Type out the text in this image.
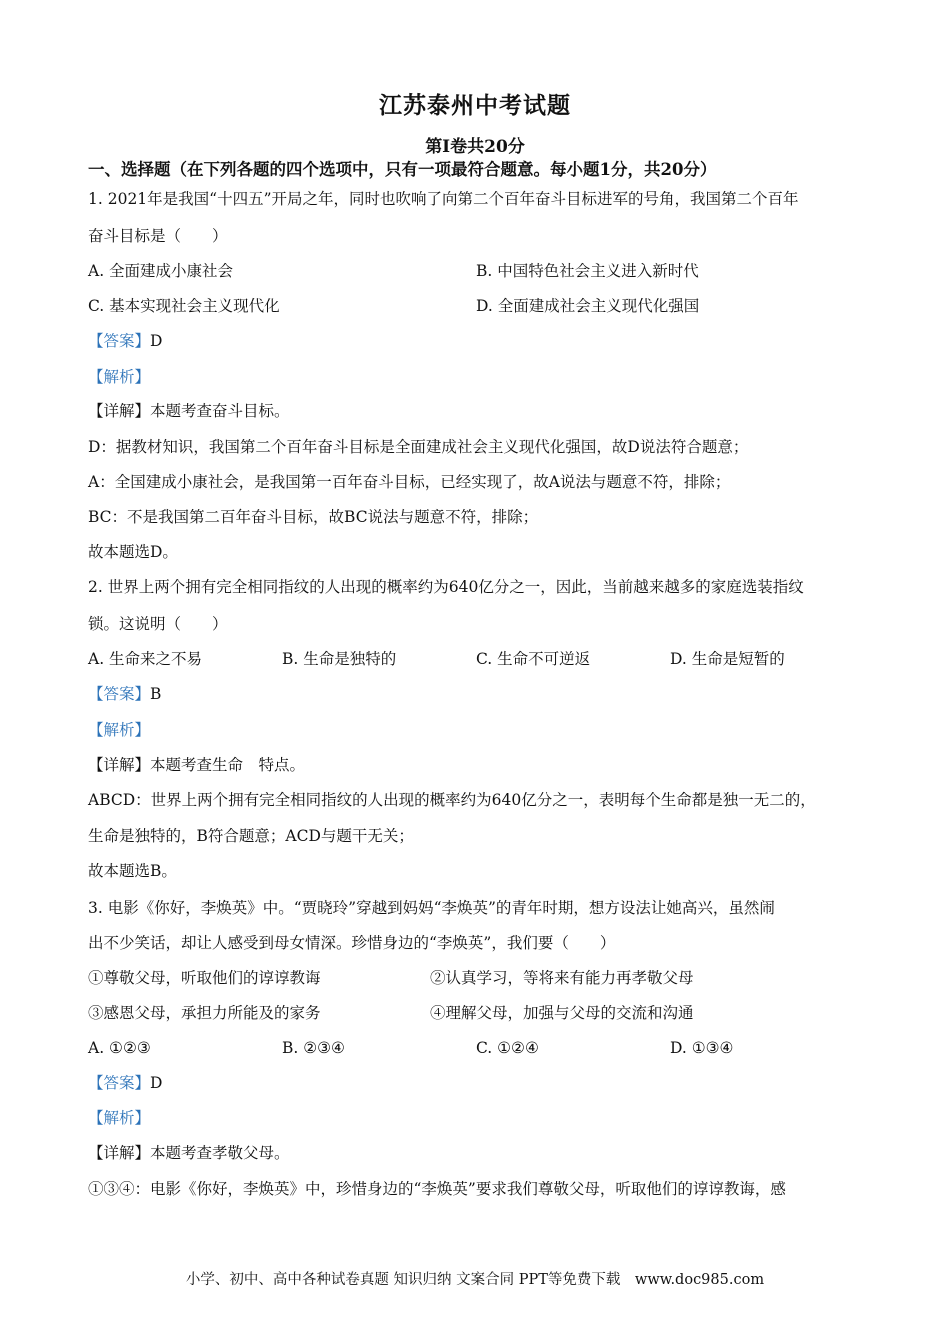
江苏泰州中考试题
第Ⅰ卷共20分
一、选择题（在下列各题的四个选项中，只有一项最符合题意。每小题1分，共20分）
1. 2021年是我国“十四五”开局之年，同时也吹响了向第二个百年奋斗目标进军的号角，我国第二个百年
奋斗目标是（　　）
A. 全面建成小康社会	B. 中国特色社会主义进入新时代
C. 基本实现社会主义现代化	D. 全面建成社会主义现代化强国
【答案】D
【解析】
【详解】本题考查奋斗目标。
D：据教材知识，我国第二个百年奋斗目标是全面建成社会主义现代化强国，故D说法符合题意；
A：全国建成小康社会，是我国第一百年奋斗目标，已经实现了，故A说法与题意不符，排除；
BC：不是我国第二百年奋斗目标，故BC说法与题意不符，排除；
故本题选D。
2. 世界上两个拥有完全相同指纹的人出现的概率约为640亿分之一，因此，当前越来越多的家庭选装指纹
锁。这说明（　　）
A. 生命来之不易	B. 生命是独特的	C. 生命不可逆返	D. 生命是短暂的
【答案】B
【解析】
【详解】本题考查生命　特点。
ABCD：世界上两个拥有完全相同指纹的人出现的概率约为640亿分之一，表明每个生命都是独一无二的，
生命是独特的，B符合题意；ACD与题干无关；
故本题选B。
3. 电影《你好，李焕英》中。“贾晓玲”穿越到妈妈“李焕英”的青年时期，想方设法让她高兴，虽然闹
出不少笑话，却让人感受到母女情深。珍惜身边的“李焕英”，我们要（　　）
①尊敬父母，听取他们的谆谆教诲	②认真学习，等将来有能力再孝敬父母
③感恩父母，承担力所能及的家务	④理解父母，加强与父母的交流和沟通
A. ①②③	B. ②③④	C. ①②④	D. ①③④
【答案】D
【解析】
【详解】本题考查孝敬父母。
①③④：电影《你好，李焕英》中，珍惜身边的“李焕英”要求我们尊敬父母，听取他们的谆谆教诲，感
小学、初中、高中各种试卷真题 知识归纳 文案合同 PPT等免费下载　www.doc985.com
